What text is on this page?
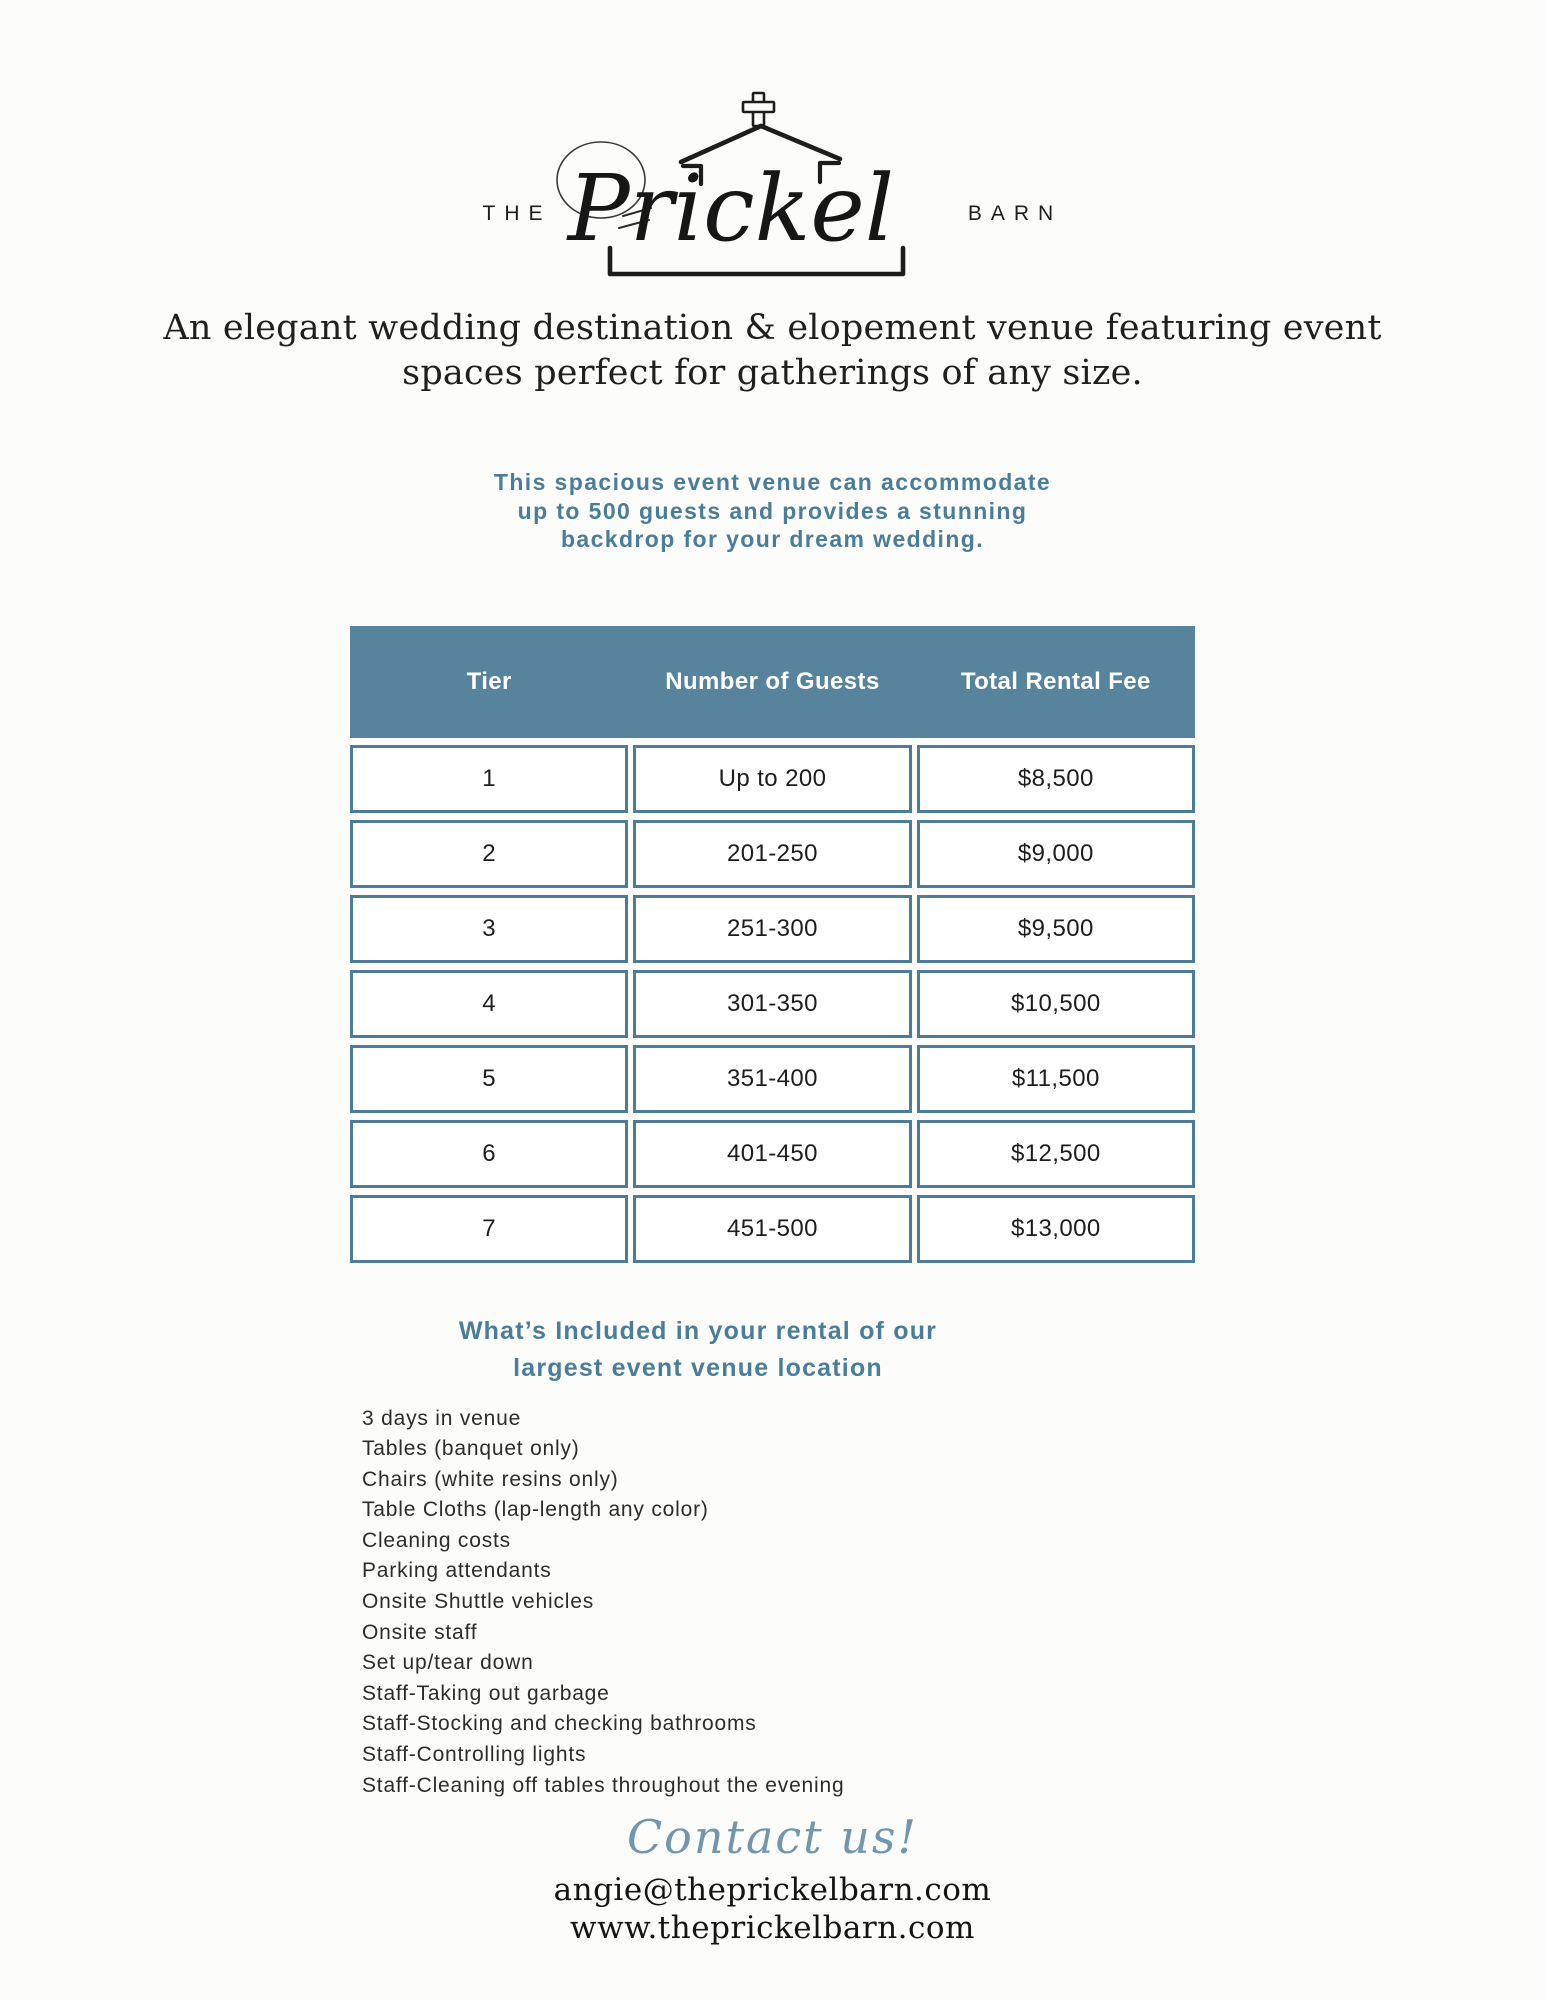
THE Prickel	BARN
An elegant wedding destination & elopement venue featuring event
spaces perfect for gatherings of any size.
This spacious event venue can accommodate
up to 500 guests and provides a stunning
backdrop for your dream wedding.
Tier	Number of Guests	Total Rental Fee
1	Up to 200	$8,500
2	201-250	$9,000
3	251-300	$9,500
4	301-350	$10,500
5	351-400	$11,500
6	401-450	$12,500
7	451-500	$13,000
What’s Included in your rental of our
largest event venue location
3 days in venue
Tables (banquet only)
Chairs (white resins only)
Table Cloths (lap-length any color)
Cleaning costs
Parking attendants
Onsite Shuttle vehicles
Onsite staff
Set up/tear down
Staff-Taking out garbage
Staff-Stocking and checking bathrooms
Staff-Controlling lights
Staff-Cleaning off tables throughout the evening
Contact us!
angie@theprickelbarn.com
www.theprickelbarn.com
